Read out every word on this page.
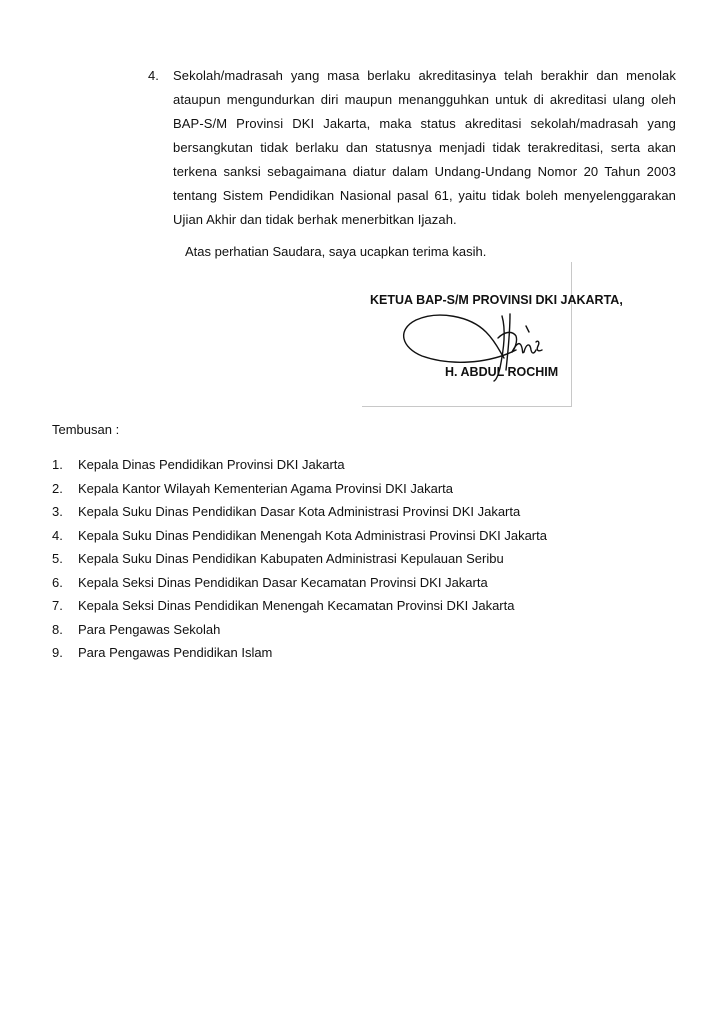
4. Sekolah/madrasah yang masa berlaku akreditasinya telah berakhir dan menolak ataupun mengundurkan diri maupun menangguhkan untuk di akreditasi ulang oleh BAP-S/M Provinsi DKI Jakarta, maka status akreditasi sekolah/madrasah yang bersangkutan tidak berlaku dan statusnya menjadi tidak terakreditasi, serta akan terkena sanksi sebagaimana diatur dalam Undang-Undang Nomor 20 Tahun 2003 tentang Sistem Pendidikan Nasional pasal 61, yaitu tidak boleh menyelenggarakan Ujian Akhir dan tidak berhak menerbitkan Ijazah.
Atas perhatian Saudara, saya ucapkan terima kasih.
KETUA BAP-S/M PROVINSI DKI JAKARTA,
H. ABDUL ROCHIM
Tembusan :
1. Kepala Dinas Pendidikan Provinsi DKI Jakarta
2. Kepala Kantor Wilayah Kementerian Agama Provinsi DKI Jakarta
3. Kepala Suku Dinas Pendidikan Dasar Kota Administrasi Provinsi DKI Jakarta
4. Kepala Suku Dinas Pendidikan Menengah Kota Administrasi Provinsi DKI Jakarta
5. Kepala Suku Dinas Pendidikan Kabupaten Administrasi Kepulauan Seribu
6. Kepala Seksi Dinas Pendidikan Dasar Kecamatan Provinsi DKI Jakarta
7. Kepala Seksi Dinas Pendidikan Menengah Kecamatan Provinsi DKI Jakarta
8. Para Pengawas Sekolah
9. Para Pengawas Pendidikan Islam
